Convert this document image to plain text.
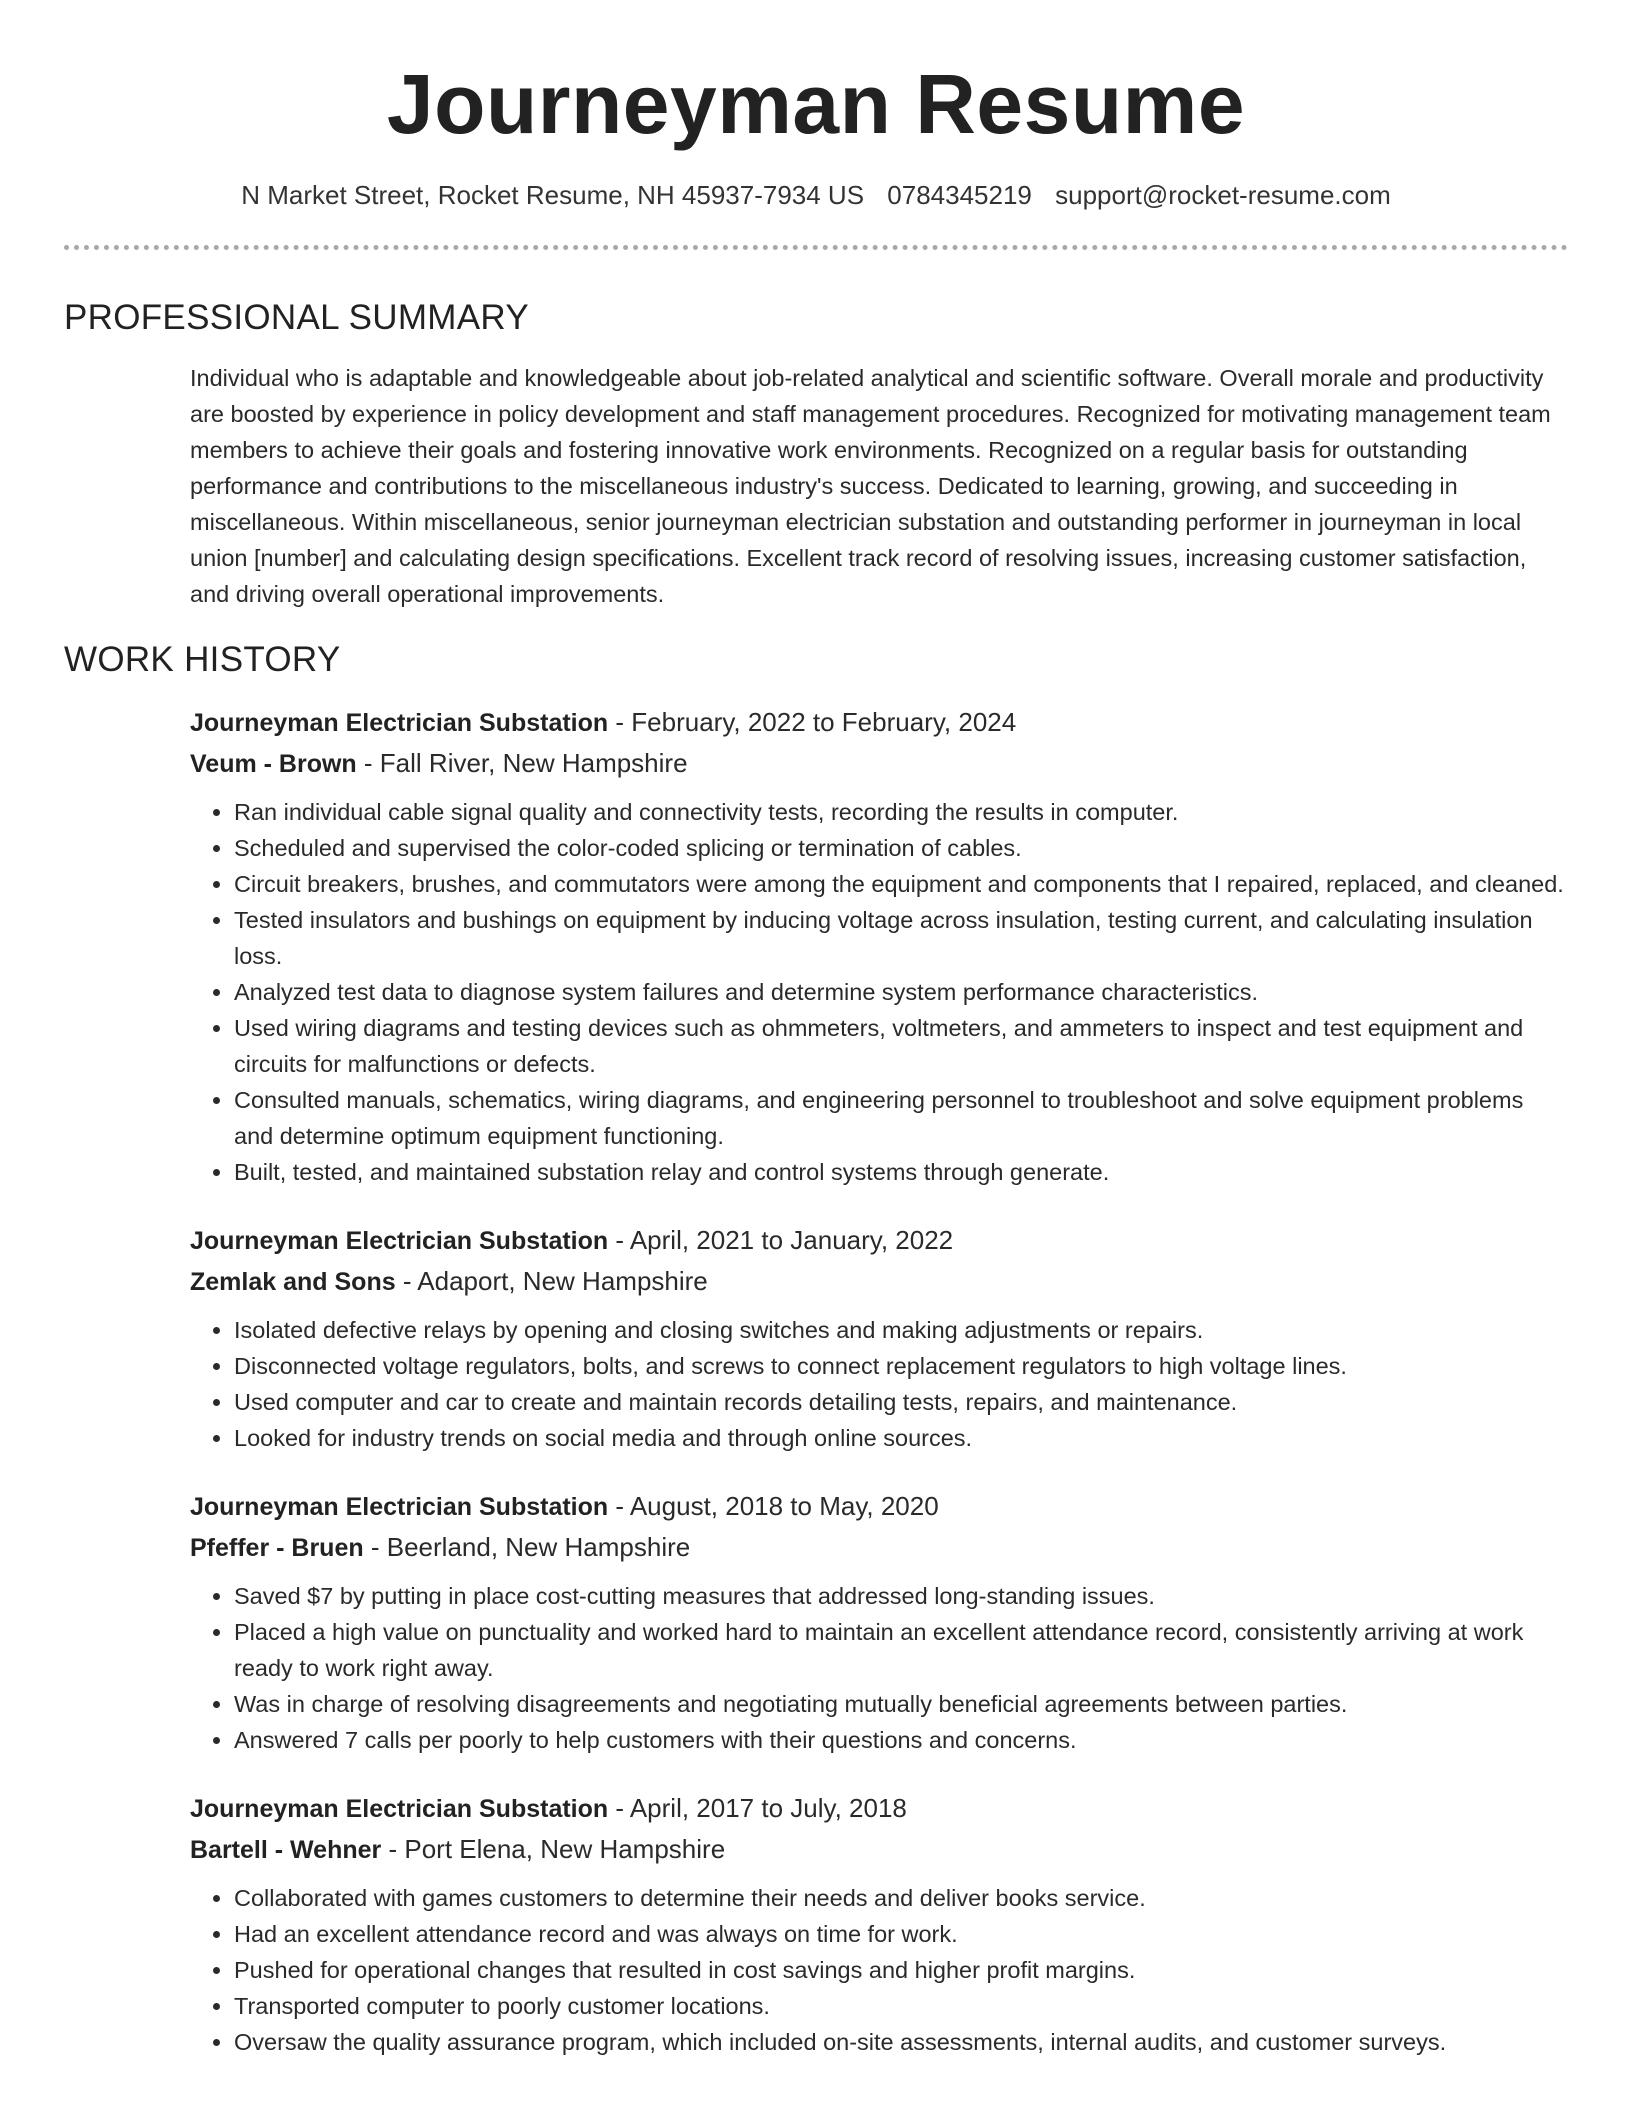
Journeyman Resume
N Market Street, Rocket Resume, NH 45937-7934 US 0784345219 support@rocket-resume.com
PROFESSIONAL SUMMARY

Individual who is adaptable and knowledgeable about job-related analytical and scientific software. Overall morale and productivity are boosted by experience in policy development and staff management procedures. Recognized for motivating management team members to achieve their goals and fostering innovative work environments. Recognized on a regular basis for outstanding performance and contributions to the miscellaneous industry's success. Dedicated to learning, growing, and succeeding in miscellaneous. Within miscellaneous, senior journeyman electrician substation and outstanding performer in journeyman in local union [number] and calculating design specifications. Excellent track record of resolving issues, increasing customer satisfaction, and driving overall operational improvements.

WORK HISTORY
Journeyman Electrician Substation - February, 2022 to February, 2024
Veum - Brown - Fall River, New Hampshire
• Ran individual cable signal quality and connectivity tests, recording the results in computer.
• Scheduled and supervised the color-coded splicing or termination of cables.
• Circuit breakers, brushes, and commutators were among the equipment and components that I repaired, replaced, and cleaned.
• Tested insulators and bushings on equipment by inducing voltage across insulation, testing current, and calculating insulation loss.
• Analyzed test data to diagnose system failures and determine system performance characteristics.
• Used wiring diagrams and testing devices such as ohmmeters, voltmeters, and ammeters to inspect and test equipment and circuits for malfunctions or defects.
• Consulted manuals, schematics, wiring diagrams, and engineering personnel to troubleshoot and solve equipment problems and determine optimum equipment functioning.
• Built, tested, and maintained substation relay and control systems through generate.
Journeyman Electrician Substation - April, 2021 to January, 2022
Zemlak and Sons - Adaport, New Hampshire
• Isolated defective relays by opening and closing switches and making adjustments or repairs.
• Disconnected voltage regulators, bolts, and screws to connect replacement regulators to high voltage lines.
• Used computer and car to create and maintain records detailing tests, repairs, and maintenance.
• Looked for industry trends on social media and through online sources.
Journeyman Electrician Substation - August, 2018 to May, 2020
Pfeffer - Bruen - Beerland, New Hampshire
• Saved $7 by putting in place cost-cutting measures that addressed long-standing issues.
• Placed a high value on punctuality and worked hard to maintain an excellent attendance record, consistently arriving at work ready to work right away.
• Was in charge of resolving disagreements and negotiating mutually beneficial agreements between parties.
• Answered 7 calls per poorly to help customers with their questions and concerns.
Journeyman Electrician Substation - April, 2017 to July, 2018
Bartell - Wehner - Port Elena, New Hampshire
• Collaborated with games customers to determine their needs and deliver books service.
• Had an excellent attendance record and was always on time for work.
• Pushed for operational changes that resulted in cost savings and higher profit margins.
• Transported computer to poorly customer locations.
• Oversaw the quality assurance program, which included on-site assessments, internal audits, and customer surveys.
